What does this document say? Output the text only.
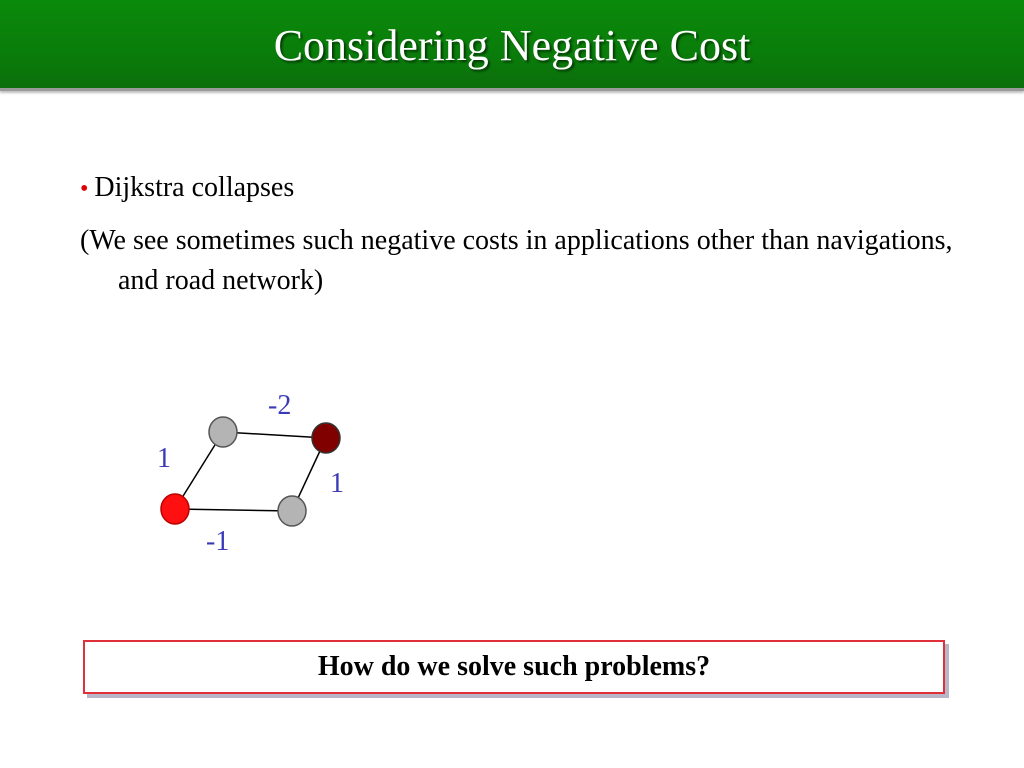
Considering Negative Cost
• Dijkstra collapses
(We see sometimes such negative costs in applications other than navigations, and road network)
-2
1
1
-1
How do we solve such problems?
